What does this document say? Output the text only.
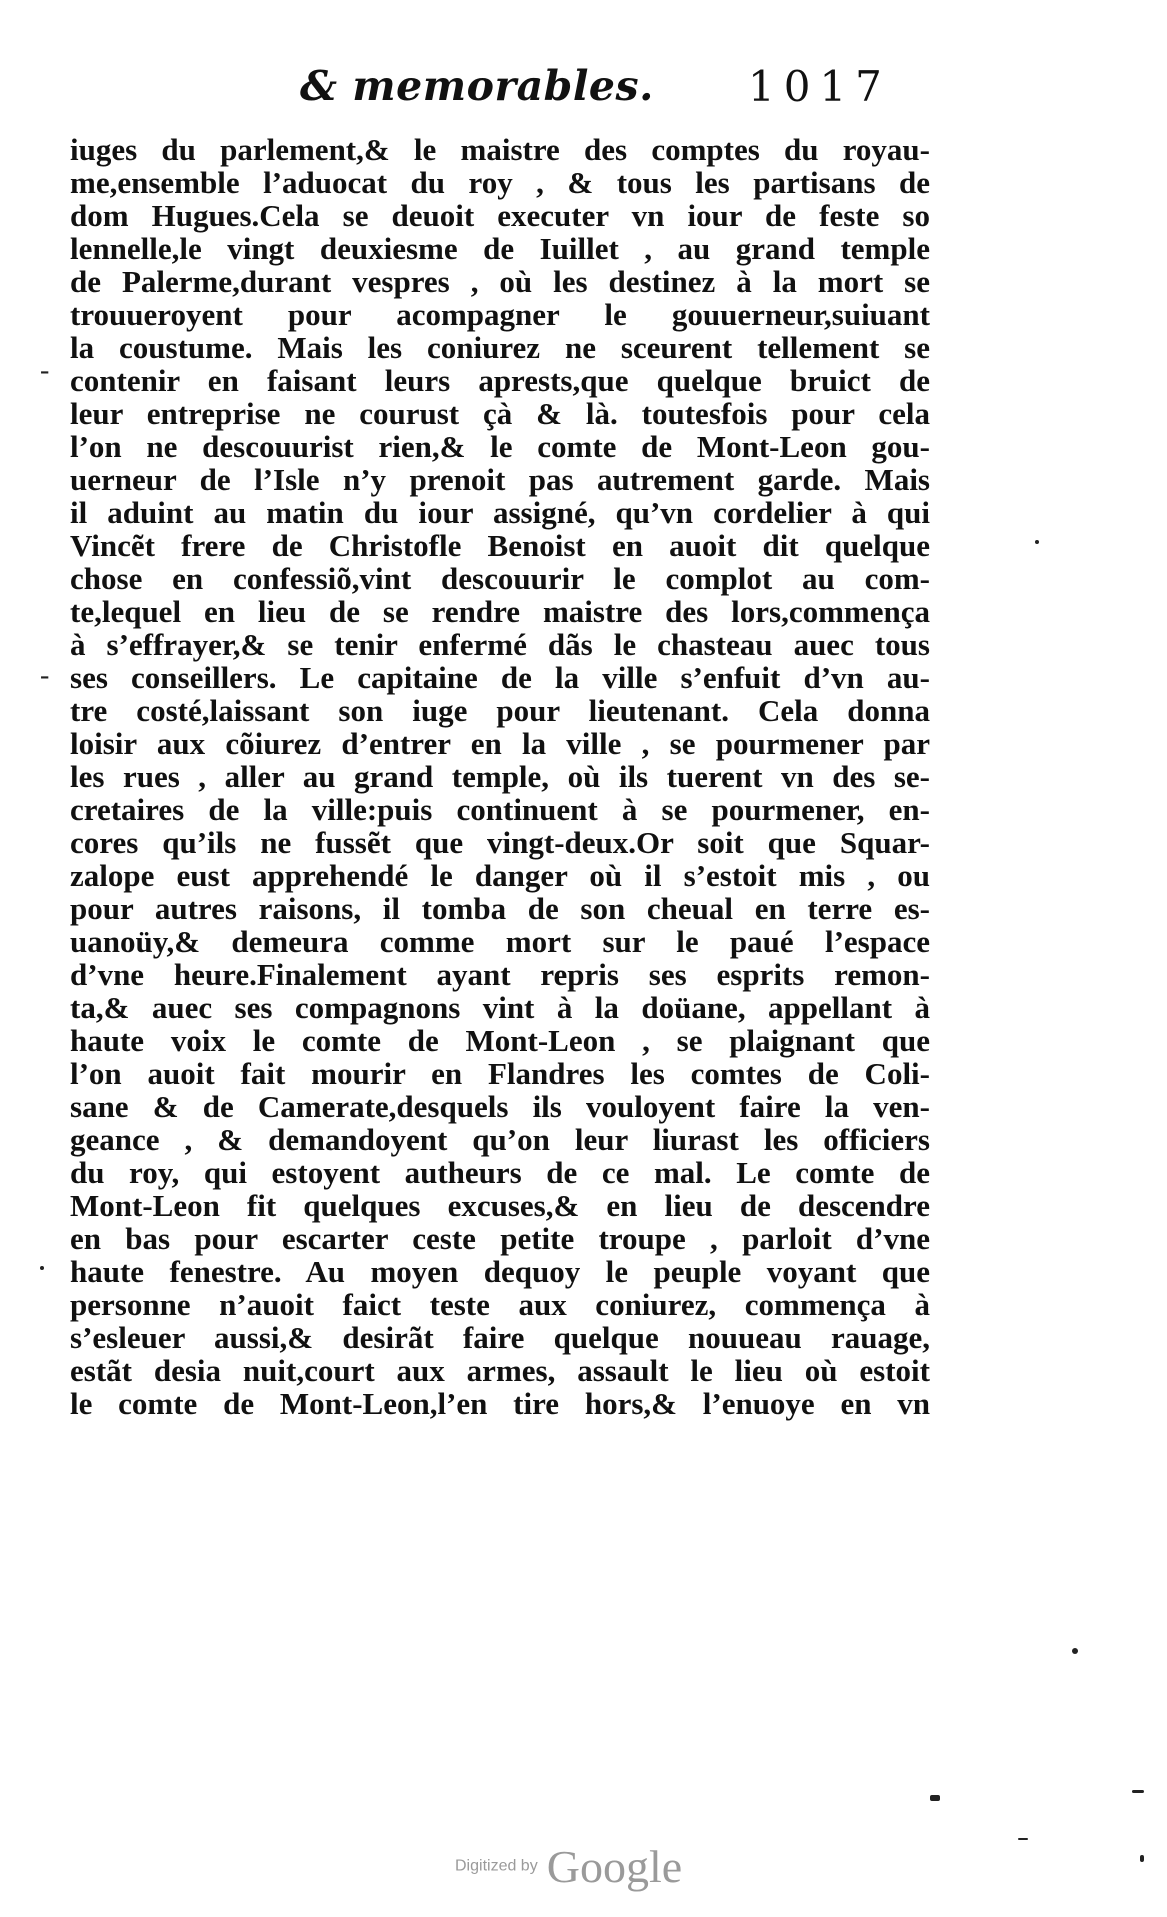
& memorables. 1017
iuges du parlement,& le maistre des comptes du royau-
me,ensemble l’aduocat du roy , & tous les partisans de
dom Hugues.Cela se deuoit executer vn iour de feste so
lennelle,le vingt deuxiesme de Iuillet , au grand temple
de Palerme,durant vespres , où les destinez à la mort se
trouueroyent pour acompagner le gouuerneur,suiuant
la coustume. Mais les coniurez ne sceurent tellement se
contenir en faisant leurs aprests,que quelque bruict de
leur entreprise ne courust çà & là. toutesfois pour cela
l’on ne descouurist rien,& le comte de Mont-Leon gou-
uerneur de l’Isle n’y prenoit pas autrement garde. Mais
il aduint au matin du iour assigné, qu’vn cordelier à qui
Vincẽt frere de Christofle Benoist en auoit dit quelque
chose en confessiõ,vint descouurir le complot au com-
te,lequel en lieu de se rendre maistre des lors,commença
à s’effrayer,& se tenir enfermé dãs le chasteau auec tous
ses conseillers. Le capitaine de la ville s’enfuit d’vn au-
tre costé,laissant son iuge pour lieutenant. Cela donna
loisir aux cõiurez d’entrer en la ville , se pourmener par
les rues , aller au grand temple, où ils tuerent vn des se-
cretaires de la ville:puis continuent à se pourmener, en-
cores qu’ils ne fussẽt que vingt-deux.Or soit que Squar-
zalope eust apprehendé le danger où il s’estoit mis , ou
pour autres raisons, il tomba de son cheual en terre es-
uanoüy,& demeura comme mort sur le paué l’espace
d’vne heure.Finalement ayant repris ses esprits remon-
ta,& auec ses compagnons vint à la doüane, appellant à
haute voix le comte de Mont-Leon , se plaignant que
l’on auoit fait mourir en Flandres les comtes de Coli-
sane & de Camerate,desquels ils vouloyent faire la ven-
geance , & demandoyent qu’on leur liurast les officiers
du roy, qui estoyent autheurs de ce mal. Le comte de
Mont-Leon fit quelques excuses,& en lieu de descendre
en bas pour escarter ceste petite troupe , parloit d’vne
haute fenestre. Au moyen dequoy le peuple voyant que
personne n’auoit faict teste aux coniurez, commença à
s’esleuer aussi,& desirãt faire quelque nouueau rauage,
estãt desia nuit,court aux armes, assault le lieu où estoit
le comte de Mont-Leon,l’en tire hors,& l’enuoye en vn
-
-
Digitized by Google
